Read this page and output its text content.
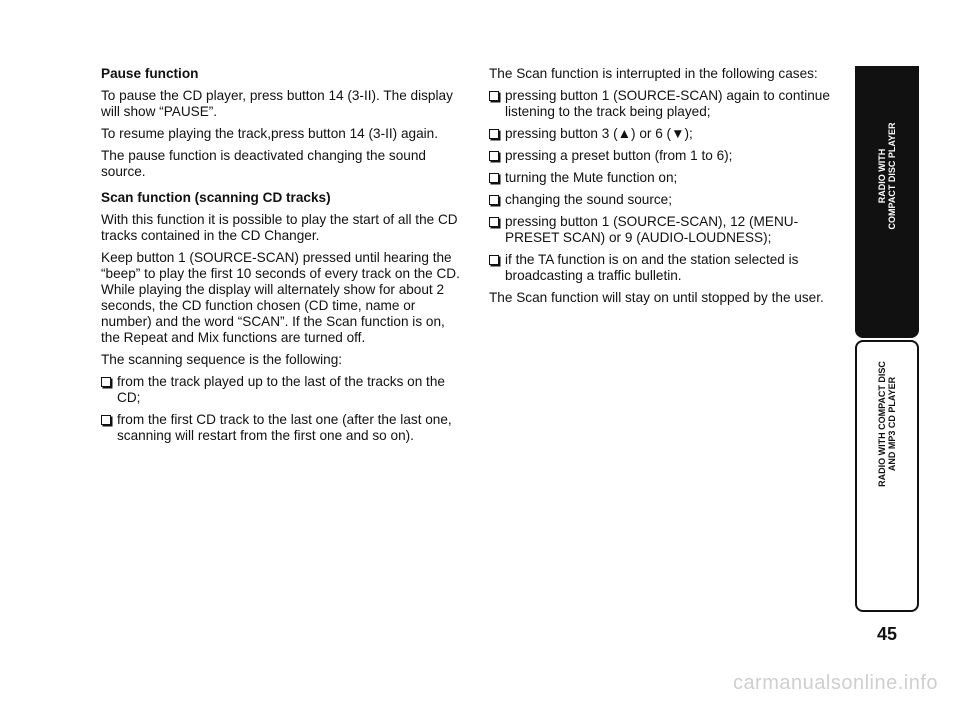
Pause function

To pause the CD player, press button 14 (3-II). The display will show “PAUSE”.

To resume playing the track,press button 14 (3-II) again.

The pause function is deactivated changing the sound source.

Scan function (scanning CD tracks)

With this function it is possible to play the start of all the CD tracks contained in the CD Changer.

Keep button 1 (SOURCE-SCAN) pressed until hearing the “beep” to play the first 10 seconds of every track on the CD. While playing the display will alternately show for about 2 seconds, the CD function chosen (CD time, name or number) and the word “SCAN”. If the Scan function is on, the Repeat and Mix functions are turned off.

The scanning sequence is the following:

from the track played up to the last of the tracks on the CD;
from the first CD track to the last one (after the last one, scanning will restart from the first one and so on).

The Scan function is interrupted in the following cases:

pressing button 1 (SOURCE-SCAN) again to continue listening to the track being played;
pressing button 3 (▲) or 6 (▼);
pressing a preset button (from 1 to 6);
turning the Mute function on;
changing the sound source;
pressing button 1 (SOURCE-SCAN), 12 (MENU-PRESET SCAN) or 9 (AUDIO-LOUDNESS);
if the TA function is on and the station selected is broadcasting a traffic bulletin.

The Scan function will stay on until stopped by the user.

RADIO WITH COMPACT DISC PLAYER
RADIO WITH COMPACT DISC AND MP3 CD PLAYER
45
carmanualsonline.info
